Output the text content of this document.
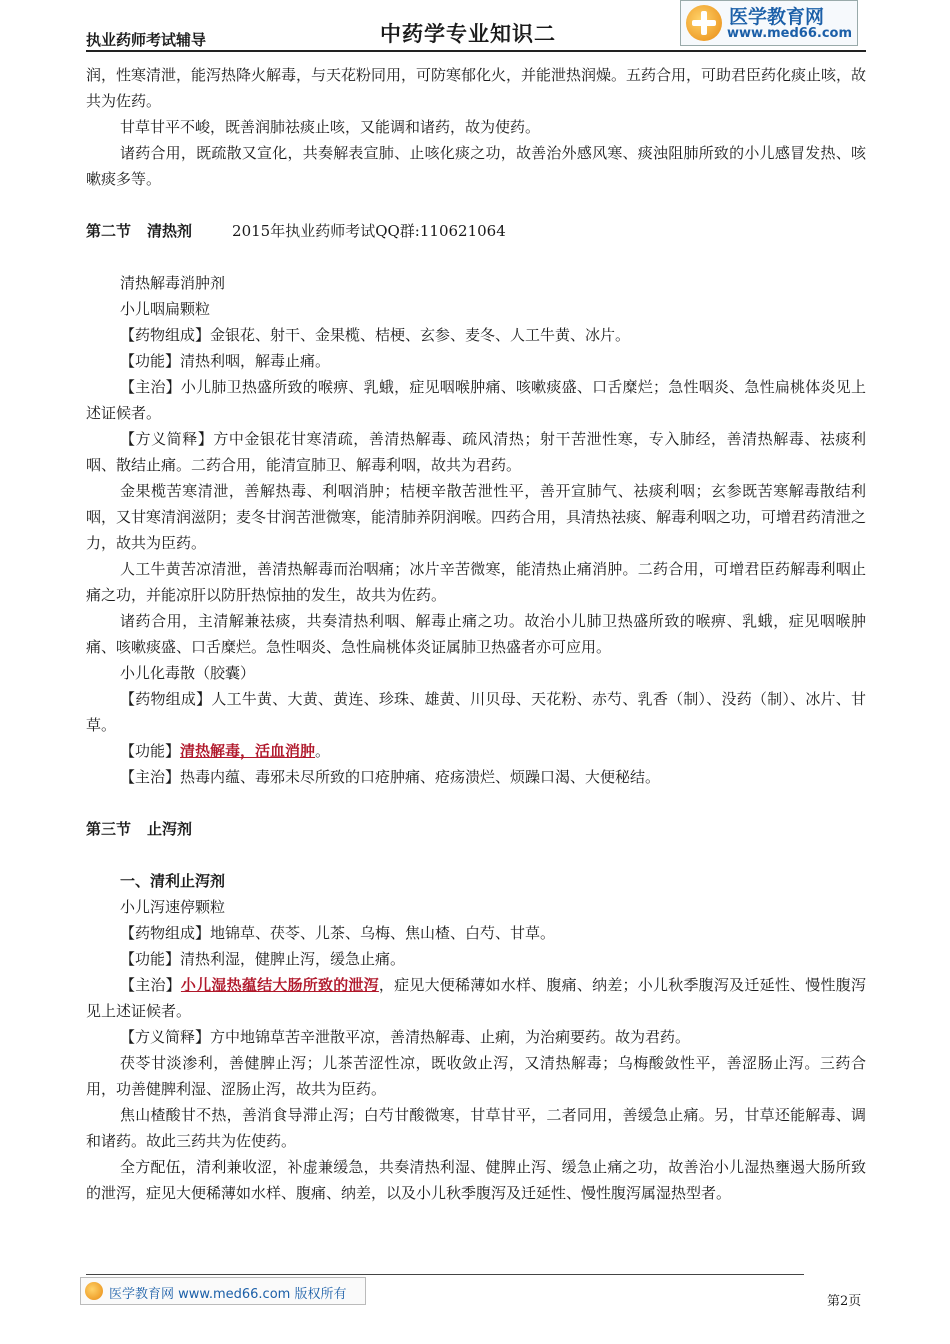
执业药师考试辅导	中药学专业知识二
医学教育网
www.med66.com

润，性寒清泄，能泻热降火解毒，与天花粉同用，可防寒郁化火，并能泄热润燥。五药合用，可助君臣药化痰止咳，故共为佐药。

甘草甘平不峻，既善润肺祛痰止咳，又能调和诸药，故为使药。

诸药合用，既疏散又宣化，共奏解表宣肺、止咳化痰之功，故善治外感风寒、痰浊阻肺所致的小儿感冒发热、咳嗽痰多等。

第二节 清热剂	2015年执业药师考试QQ群:110621064

清热解毒消肿剂

小儿咽扁颗粒

【药物组成】金银花、射干、金果榄、桔梗、玄参、麦冬、人工牛黄、冰片。

【功能】清热利咽，解毒止痛。

【主治】小儿肺卫热盛所致的喉痹、乳蛾，症见咽喉肿痛、咳嗽痰盛、口舌糜烂；急性咽炎、急性扁桃体炎见上述证候者。

【方义简释】方中金银花甘寒清疏，善清热解毒、疏风清热；射干苦泄性寒，专入肺经，善清热解毒、祛痰利咽、散结止痛。二药合用，能清宣肺卫、解毒利咽，故共为君药。

金果榄苦寒清泄，善解热毒、利咽消肿；桔梗辛散苦泄性平，善开宣肺气、祛痰利咽；玄参既苦寒解毒散结利咽，又甘寒清润滋阴；麦冬甘润苦泄微寒，能清肺养阴润喉。四药合用，具清热祛痰、解毒利咽之功，可增君药清泄之力，故共为臣药。

人工牛黄苦凉清泄，善清热解毒而治咽痛；冰片辛苦微寒，能清热止痛消肿。二药合用，可增君臣药解毒利咽止痛之功，并能凉肝以防肝热惊抽的发生，故共为佐药。

诸药合用，主清解兼祛痰，共奏清热利咽、解毒止痛之功。故治小儿肺卫热盛所致的喉痹、乳蛾，症见咽喉肿痛、咳嗽痰盛、口舌糜烂。急性咽炎、急性扁桃体炎证属肺卫热盛者亦可应用。

小儿化毒散（胶囊）

【药物组成】人工牛黄、大黄、黄连、珍珠、雄黄、川贝母、天花粉、赤芍、乳香（制）、没药（制）、冰片、甘草。

【功能】清热解毒，活血消肿。

【主治】热毒内蕴、毒邪未尽所致的口疮肿痛、疮疡溃烂、烦躁口渴、大便秘结。

第三节 止泻剂

一、清利止泻剂

小儿泻速停颗粒

【药物组成】地锦草、茯苓、儿茶、乌梅、焦山楂、白芍、甘草。

【功能】清热利湿，健脾止泻，缓急止痛。

【主治】小儿湿热蕴结大肠所致的泄泻，症见大便稀薄如水样、腹痛、纳差；小儿秋季腹泻及迁延性、慢性腹泻见上述证候者。

【方义简释】方中地锦草苦辛泄散平凉，善清热解毒、止痢，为治痢要药。故为君药。

茯苓甘淡渗利，善健脾止泻；儿茶苦涩性凉，既收敛止泻，又清热解毒；乌梅酸敛性平，善涩肠止泻。三药合用，功善健脾利湿、涩肠止泻，故共为臣药。

焦山楂酸甘不热，善消食导滞止泻；白芍甘酸微寒，甘草甘平，二者同用，善缓急止痛。另，甘草还能解毒、调和诸药。故此三药共为佐使药。

全方配伍，清利兼收涩，补虚兼缓急，共奏清热利湿、健脾止泻、缓急止痛之功，故善治小儿湿热壅遏大肠所致的泄泻，症见大便稀薄如水样、腹痛、纳差，以及小儿秋季腹泻及迁延性、慢性腹泻属湿热型者。

医学教育网 www.med66.com 版权所有	第2页
